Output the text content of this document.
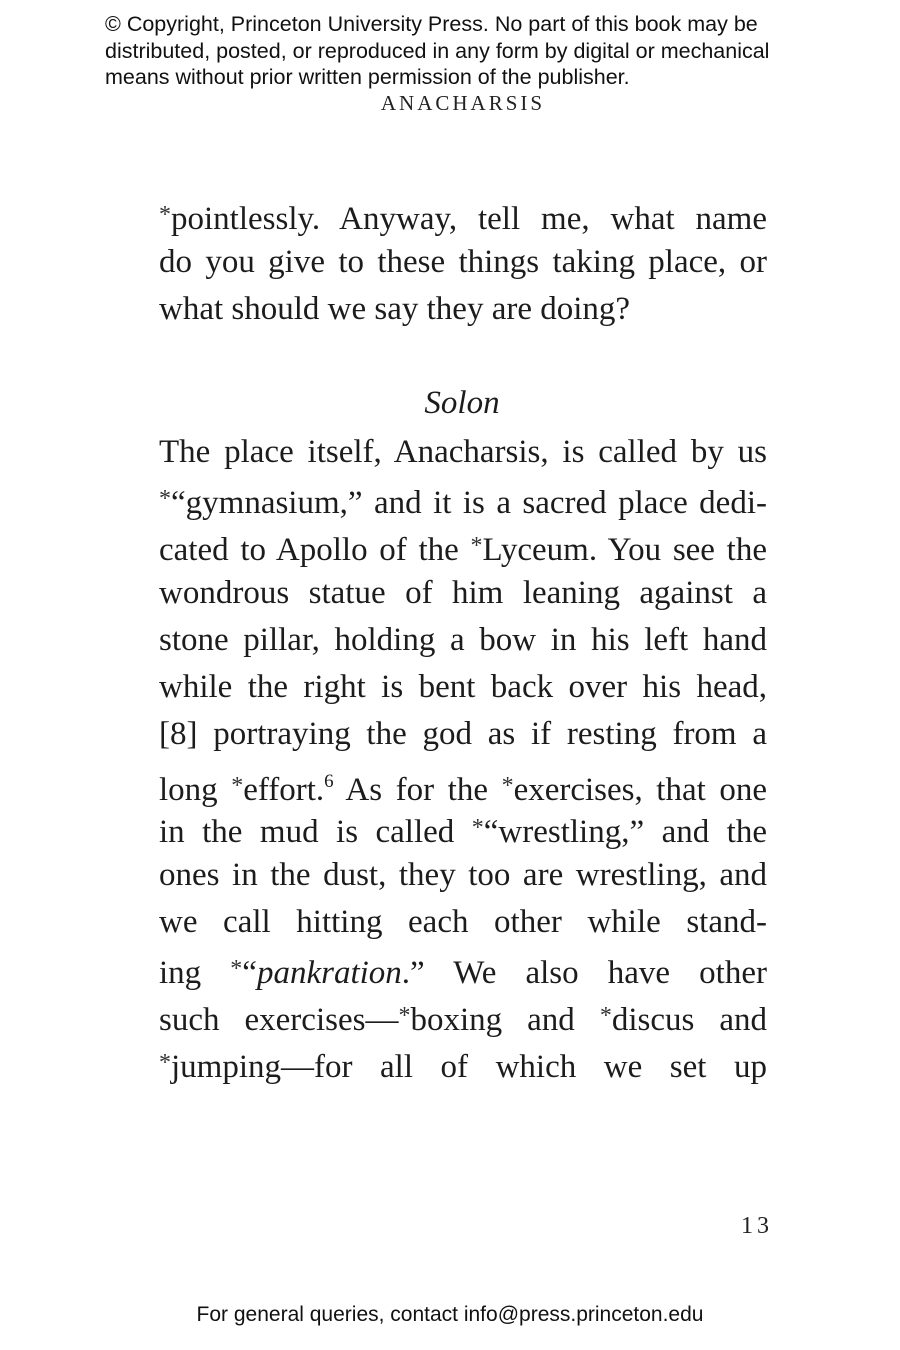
© Copyright, Princeton University Press. No part of this book may be
distributed, posted, or reproduced in any form by digital or mechanical
means without prior written permission of the publisher.
ANACHARSIS
*pointlessly. Anyway, tell me, what name
do you give to these things taking place, or
what should we say they are doing?
Solon
The place itself, Anacharsis, is called by us
*“gymnasium,” and it is a sacred place dedi-
cated to Apollo of the *Lyceum. You see the
wondrous statue of him leaning against a
stone pillar, holding a bow in his left hand
while the right is bent back over his head,
[8] portraying the god as if resting from a
long *effort.$^6$ As for the *exercises, that one
in the mud is called *“wrestling,” and the
ones in the dust, they too are wrestling, and
we call hitting each other while stand-
ing *“pankration.” We also have other
such exercises—*boxing and *discus and
*jumping—for all of which we set up
13
For general queries, contact info@press.princeton.edu
